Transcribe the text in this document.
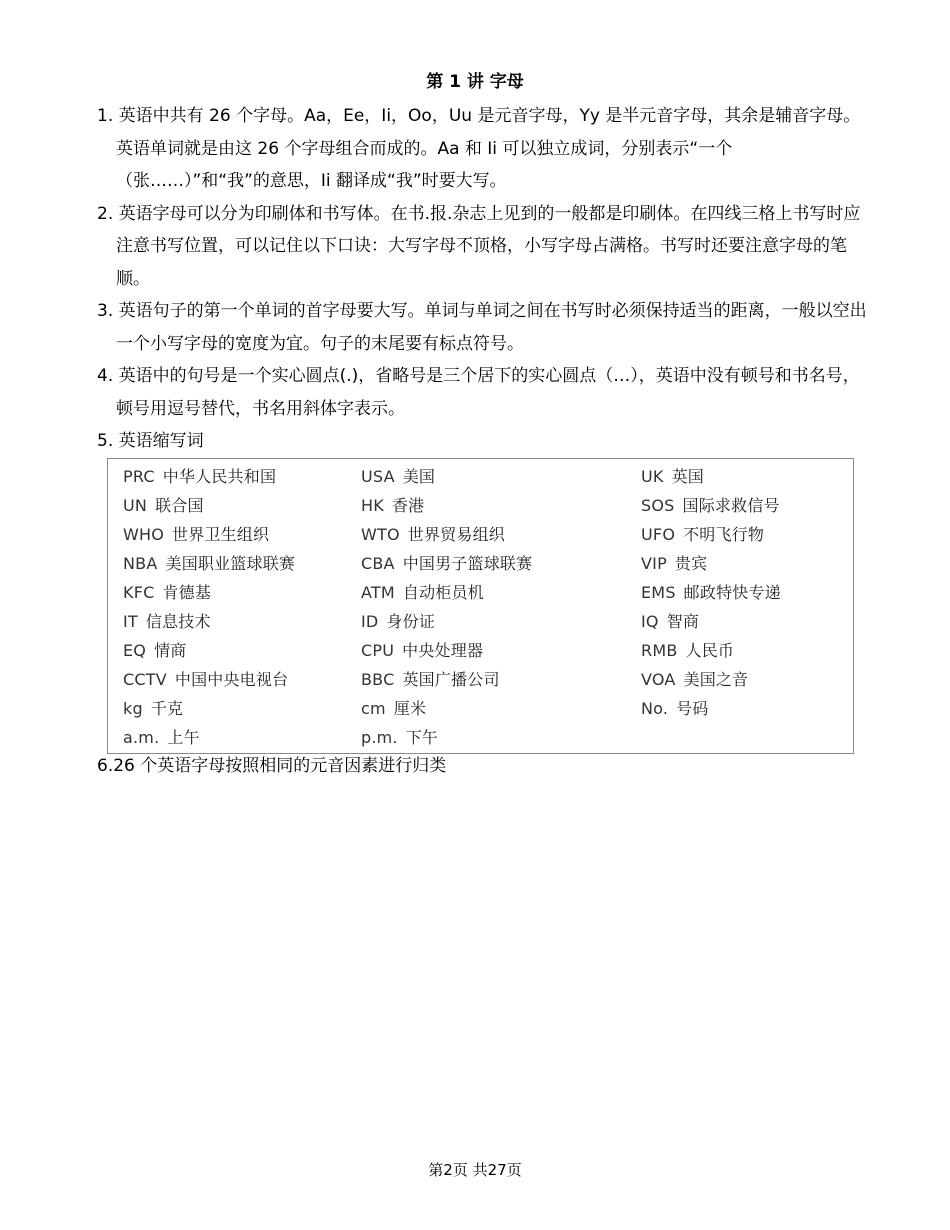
第 1 讲 字母

1. 英语中共有 26 个字母。Aa，Ee，Ii，Oo，Uu 是元音字母，Yy 是半元音字母，其余是辅音字母。英语单词就是由这 26 个字母组合而成的。Aa 和 Ii 可以独立成词，分别表示“一个（张……）”和“我”的意思，Ii 翻译成“我”时要大写。

2. 英语字母可以分为印刷体和书写体。在书.报.杂志上见到的一般都是印刷体。在四线三格上书写时应注意书写位置，可以记住以下口诀：大写字母不顶格，小写字母占满格。书写时还要注意字母的笔顺。

3. 英语句子的第一个单词的首字母要大写。单词与单词之间在书写时必须保持适当的距离，一般以空出一个小写字母的宽度为宜。句子的末尾要有标点符号。

4. 英语中的句号是一个实心圆点(.)，省略号是三个居下的实心圆点（…），英语中没有顿号和书名号，顿号用逗号替代，书名用斜体字表示。

5. 英语缩写词

PRC 中华人民共和国	USA 美国	UK 英国
UN 联合国	HK 香港	SOS 国际求救信号
WHO 世界卫生组织	WTO 世界贸易组织	UFO 不明飞行物
NBA 美国职业篮球联赛	CBA 中国男子篮球联赛	VIP 贵宾
KFC 肯德基	ATM 自动柜员机	EMS 邮政特快专递
IT 信息技术	ID 身份证	IQ 智商
EQ 情商	CPU 中央处理器	RMB 人民币
CCTV 中国中央电视台	BBC 英国广播公司	VOA 美国之音
kg 千克	cm 厘米	No. 号码
a.m. 上午	p.m. 下午

6.26 个英语字母按照相同的元音因素进行归类

第2页 共27页
